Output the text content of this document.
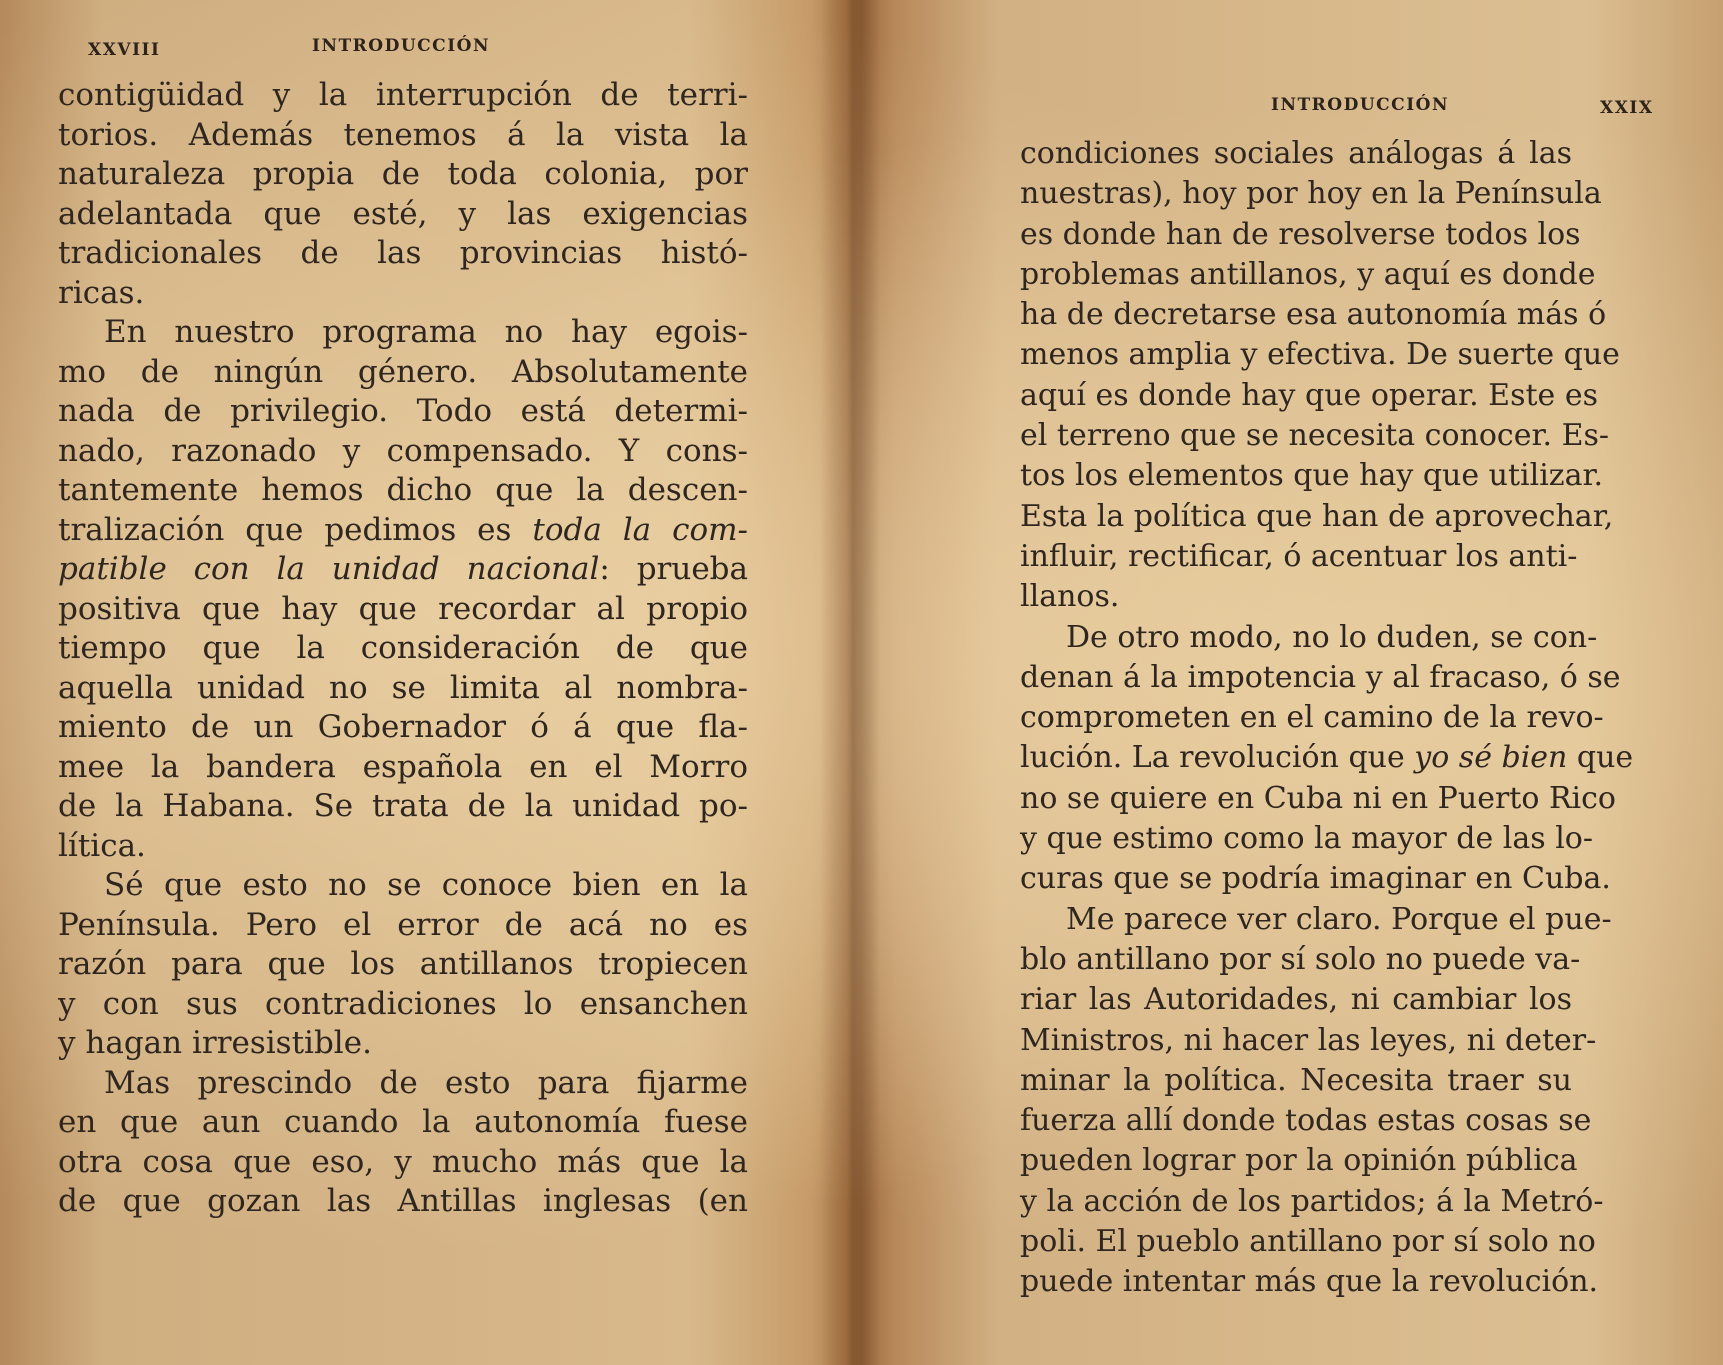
XXVIII	INTRODUCCIÓN
contigüidad y la interrupción de terri-
torios. Además tenemos á la vista la
naturaleza propia de toda colonia, por
adelantada que esté, y las exigencias
tradicionales de las provincias histó-
ricas.
En nuestro programa no hay egois-
mo de ningún género. Absolutamente
nada de privilegio. Todo está determi-
nado, razonado y compensado. Y cons-
tantemente hemos dicho que la descen-
tralización que pedimos es toda la com-
patible con la unidad nacional: prueba
positiva que hay que recordar al propio
tiempo que la consideración de que
aquella unidad no se limita al nombra-
miento de un Gobernador ó á que fla-
mee la bandera española en el Morro
de la Habana. Se trata de la unidad po-
lítica.
Sé que esto no se conoce bien en la
Península. Pero el error de acá no es
razón para que los antillanos tropiecen
y con sus contradiciones lo ensanchen
y hagan irresistible.
Mas prescindo de esto para fijarme
en que aun cuando la autonomía fuese
otra cosa que eso, y mucho más que la
de que gozan las Antillas inglesas (en
INTRODUCCIÓN	XXIX
condiciones sociales análogas á las
nuestras), hoy por hoy en la Península
es donde han de resolverse todos los
problemas antillanos, y aquí es donde
ha de decretarse esa autonomía más ó
menos amplia y efectiva. De suerte que
aquí es donde hay que operar. Este es
el terreno que se necesita conocer. Es-
tos los elementos que hay que utilizar.
Esta la política que han de aprovechar,
influir, rectificar, ó acentuar los anti-
llanos.
De otro modo, no lo duden, se con-
denan á la impotencia y al fracaso, ó se
comprometen en el camino de la revo-
lución. La revolución que yo sé bien que
no se quiere en Cuba ni en Puerto Rico
y que estimo como la mayor de las lo-
curas que se podría imaginar en Cuba.
Me parece ver claro. Porque el pue-
blo antillano por sí solo no puede va-
riar las Autoridades, ni cambiar los
Ministros, ni hacer las leyes, ni deter-
minar la política. Necesita traer su
fuerza allí donde todas estas cosas se
pueden lograr por la opinión pública
y la acción de los partidos; á la Metró-
poli. El pueblo antillano por sí solo no
puede intentar más que la revolución.
